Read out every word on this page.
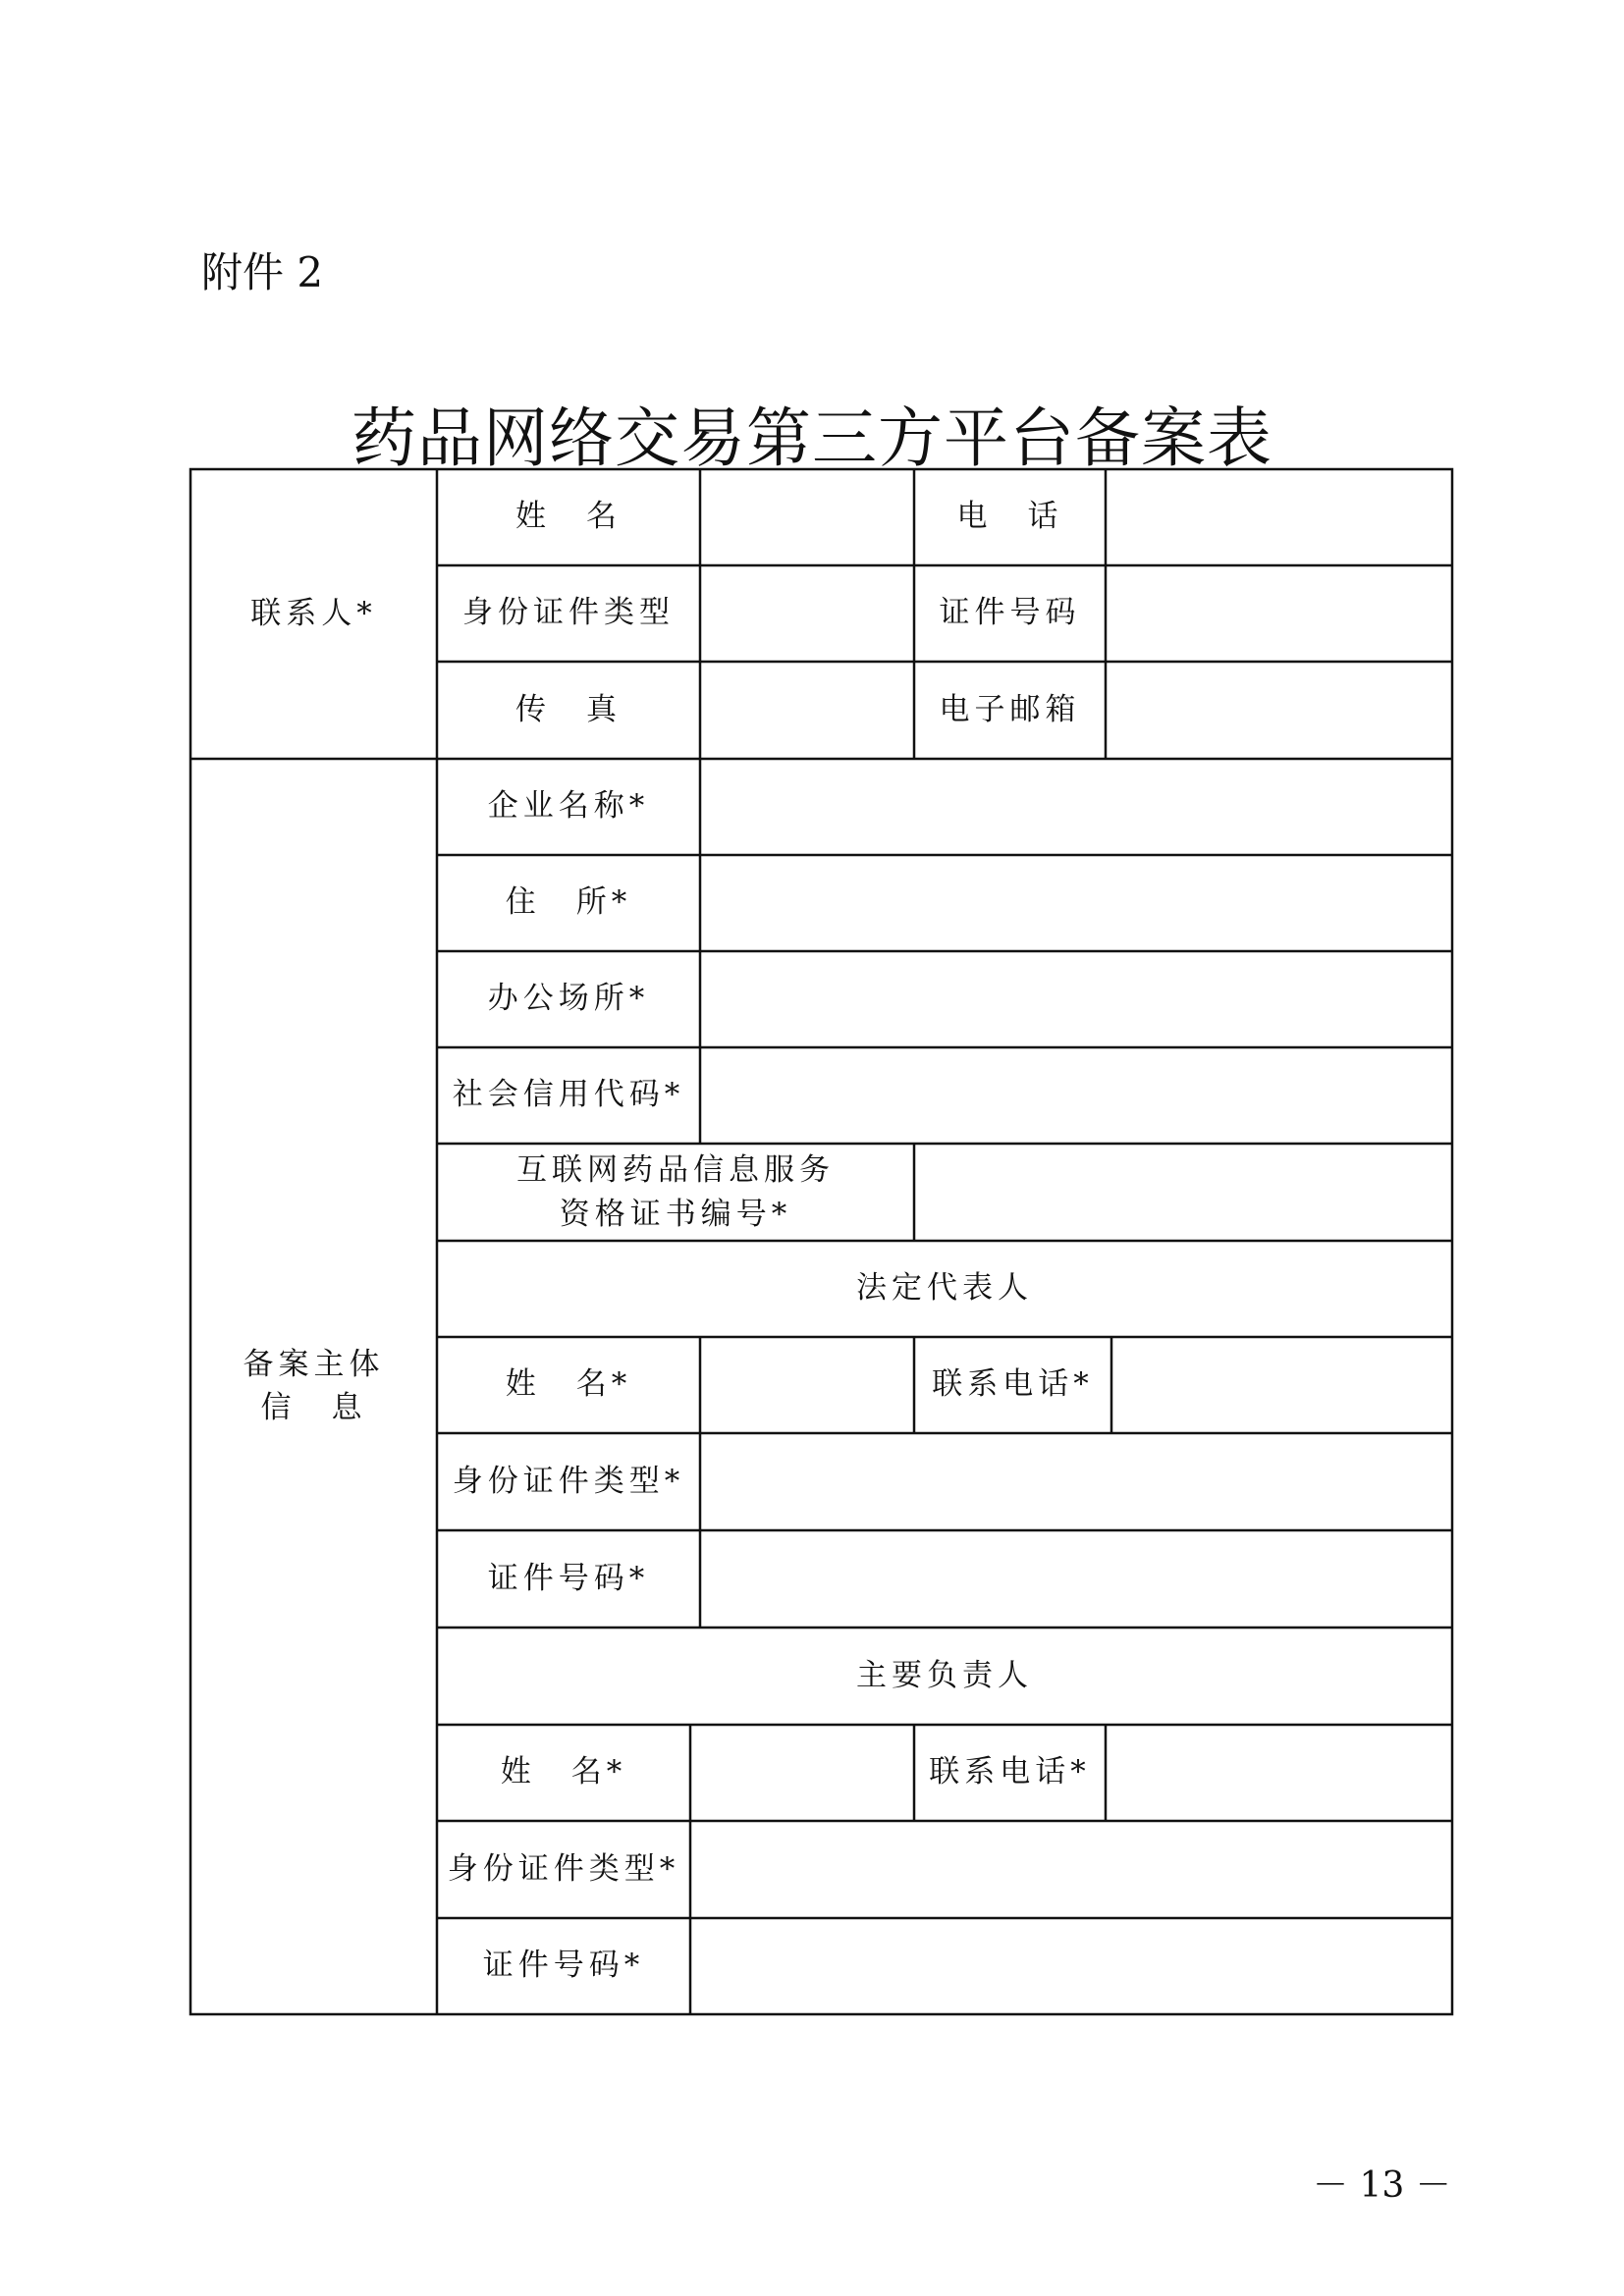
附件 2
药品网络交易第三方平台备案表
联系人*
姓　名	电　话
身份证件类型	证件号码
传　真	电子邮箱
备案主体
信　息
企业名称*
住　所*
办公场所*
社会信用代码*
互联网药品信息服务
资格证书编号*
法定代表人
姓　名*	联系电话*
身份证件类型*
证件号码*
主要负责人
姓　名*	联系电话*
身份证件类型*
证件号码*
－ 13 －
